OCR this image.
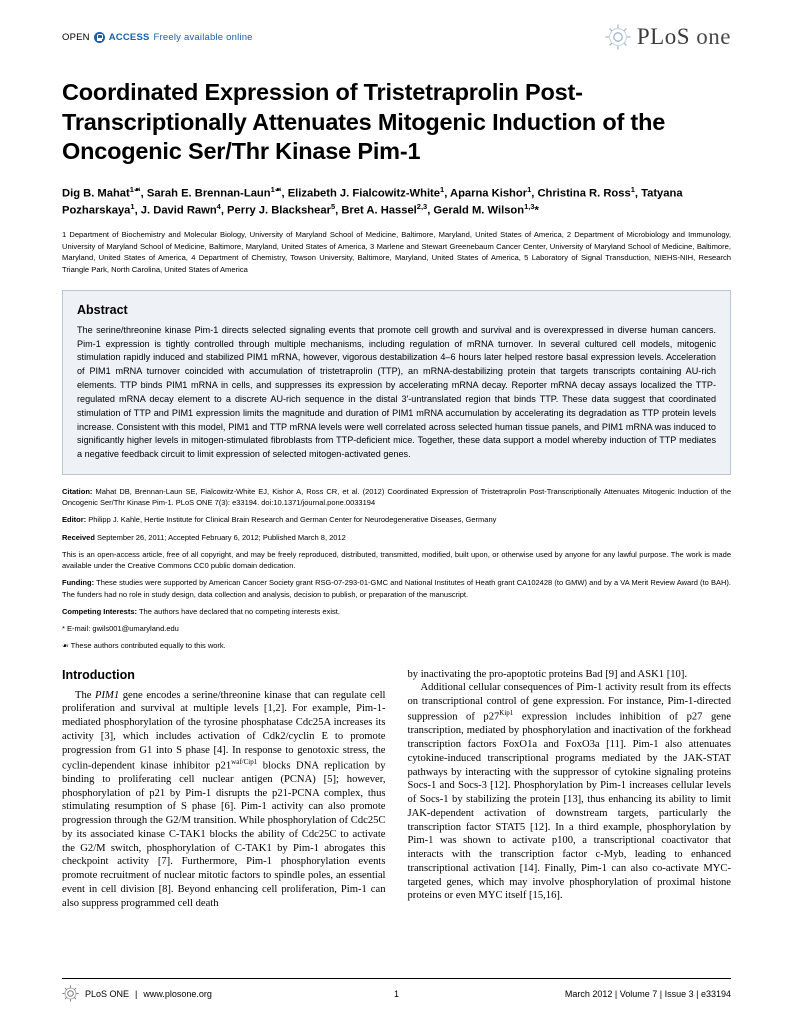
OPEN ACCESS Freely available online	PLoS one
Coordinated Expression of Tristetraprolin Post-Transcriptionally Attenuates Mitogenic Induction of the Oncogenic Ser/Thr Kinase Pim-1
Dig B. Mahat$^{1☙}$, Sarah E. Brennan-Laun$^{1☙}$, Elizabeth J. Fialcowitz-White$^1$, Aparna Kishor$^1$, Christina R. Ross$^1$, Tatyana Pozharskaya$^1$, J. David Rawn$^4$, Perry J. Blackshear$^5$, Bret A. Hassel$^{2,3}$, Gerald M. Wilson$^{1,3}$*
1 Department of Biochemistry and Molecular Biology, University of Maryland School of Medicine, Baltimore, Maryland, United States of America, 2 Department of Microbiology and Immunology, University of Maryland School of Medicine, Baltimore, Maryland, United States of America, 3 Marlene and Stewart Greenebaum Cancer Center, University of Maryland School of Medicine, Baltimore, Maryland, United States of America, 4 Department of Chemistry, Towson University, Baltimore, Maryland, United States of America, 5 Laboratory of Signal Transduction, NIEHS-NIH, Research Triangle Park, North Carolina, United States of America
Abstract
The serine/threonine kinase Pim-1 directs selected signaling events that promote cell growth and survival and is overexpressed in diverse human cancers. Pim-1 expression is tightly controlled through multiple mechanisms, including regulation of mRNA turnover. In several cultured cell models, mitogenic stimulation rapidly induced and stabilized PIM1 mRNA, however, vigorous destabilization 4–6 hours later helped restore basal expression levels. Acceleration of PIM1 mRNA turnover coincided with accumulation of tristetraprolin (TTP), an mRNA-destabilizing protein that targets transcripts containing AU-rich elements. TTP binds PIM1 mRNA in cells, and suppresses its expression by accelerating mRNA decay. Reporter mRNA decay assays localized the TTP-regulated mRNA decay element to a discrete AU-rich sequence in the distal 3′-untranslated region that binds TTP. These data suggest that coordinated stimulation of TTP and PIM1 expression limits the magnitude and duration of PIM1 mRNA accumulation by accelerating its degradation as TTP protein levels increase. Consistent with this model, PIM1 and TTP mRNA levels were well correlated across selected human tissue panels, and PIM1 mRNA was induced to significantly higher levels in mitogen-stimulated fibroblasts from TTP-deficient mice. Together, these data support a model whereby induction of TTP mediates a negative feedback circuit to limit expression of selected mitogen-activated genes.

Citation: Mahat DB, Brennan-Laun SE, Fialcowitz-White EJ, Kishor A, Ross CR, et al. (2012) Coordinated Expression of Tristetraprolin Post-Transcriptionally Attenuates Mitogenic Induction of the Oncogenic Ser/Thr Kinase Pim-1. PLoS ONE 7(3): e33194. doi:10.1371/journal.pone.0033194

Editor: Philipp J. Kahle, Hertie Institute for Clinical Brain Research and German Center for Neurodegenerative Diseases, Germany

Received September 26, 2011; Accepted February 6, 2012; Published March 8, 2012

This is an open-access article, free of all copyright, and may be freely reproduced, distributed, transmitted, modified, built upon, or otherwise used by anyone for any lawful purpose. The work is made available under the Creative Commons CC0 public domain dedication.

Funding: These studies were supported by American Cancer Society grant RSG-07-293-01-GMC and National Institutes of Heath grant CA102428 (to GMW) and by a VA Merit Review Award (to BAH). The funders had no role in study design, data collection and analysis, decision to publish, or preparation of the manuscript.

Competing Interests: The authors have declared that no competing interests exist.

* E-mail: gwils001@umaryland.edu

☙ These authors contributed equally to this work.

Introduction

The PIM1 gene encodes a serine/threonine kinase that can regulate cell proliferation and survival at multiple levels [1,2]. For example, Pim-1-mediated phosphorylation of the tyrosine phosphatase Cdc25A increases its activity [3], which includes activation of Cdk2/cyclin E to promote progression from G1 into S phase [4]. In response to genotoxic stress, the cyclin-dependent kinase inhibitor $p21^{waf/Cip1}$ blocks DNA replication by binding to proliferating cell nuclear antigen (PCNA) [5]; however, phosphorylation of p21 by Pim-1 disrupts the p21-PCNA complex, thus stimulating resumption of S phase [6]. Pim-1 activity can also promote progression through the G2/M transition. While phosphorylation of Cdc25C by its associated kinase C-TAK1 blocks the ability of Cdc25C to activate the G2/M switch, phosphorylation of C-TAK1 by Pim-1 abrogates this checkpoint activity [7]. Furthermore, Pim-1 phosphorylation events promote recruitment of nuclear mitotic factors to spindle poles, an essential event in cell division [8]. Beyond enhancing cell proliferation, Pim-1 can also suppress programmed cell death

by inactivating the pro-apoptotic proteins Bad [9] and ASK1 [10].

Additional cellular consequences of Pim-1 activity result from its effects on transcriptional control of gene expression. For instance, Pim-1-directed suppression of $p27^{Kip1}$ expression includes inhibition of p27 gene transcription, mediated by phosphorylation and inactivation of the forkhead transcription factors FoxO1a and FoxO3a [11]. Pim-1 also attenuates cytokine-induced transcriptional programs mediated by the JAK-STAT pathways by interacting with the suppressor of cytokine signaling proteins Socs-1 and Socs-3 [12]. Phosphorylation by Pim-1 increases cellular levels of Socs-1 by stabilizing the protein [13], thus enhancing its ability to limit JAK-dependent activation of downstream targets, particularly the transcription factor STAT5 [12]. In a third example, phosphorylation by Pim-1 was shown to activate p100, a transcriptional coactivator that interacts with the transcription factor c-Myb, leading to enhanced transcriptional activation [14]. Finally, Pim-1 can also co-activate MYC-targeted genes, which may involve phosphorylation of proximal histone proteins or even MYC itself [15,16].

PLoS ONE | www.plosone.org	1	March 2012 | Volume 7 | Issue 3 | e33194
